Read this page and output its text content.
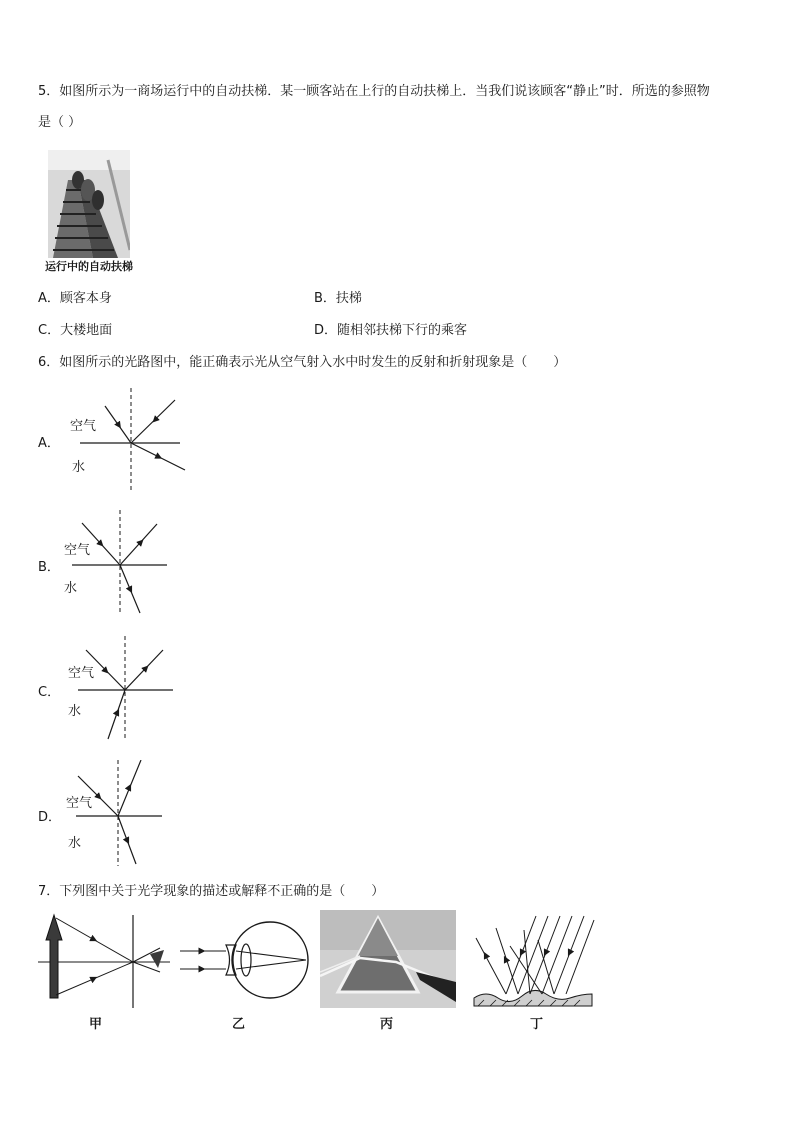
5．如图所示为一商场运行中的自动扶梯．某一顾客站在上行的自动扶梯上．当我们说该顾客“静止”时．所选的参照物
是（ ）
运行中的自动扶梯
A．顾客本身	B．扶梯
C．大楼地面	D．随相邻扶梯下行的乘客
6．如图所示的光路图中，能正确表示光从空气射入水中时发生的反射和折射现象是（　　）
A．
空气
水
B．
空气
水
C．
空气
水
D．
空气
水
7．下列图中关于光学现象的描述或解释不正确的是（　　）
甲	乙	丙	丁
